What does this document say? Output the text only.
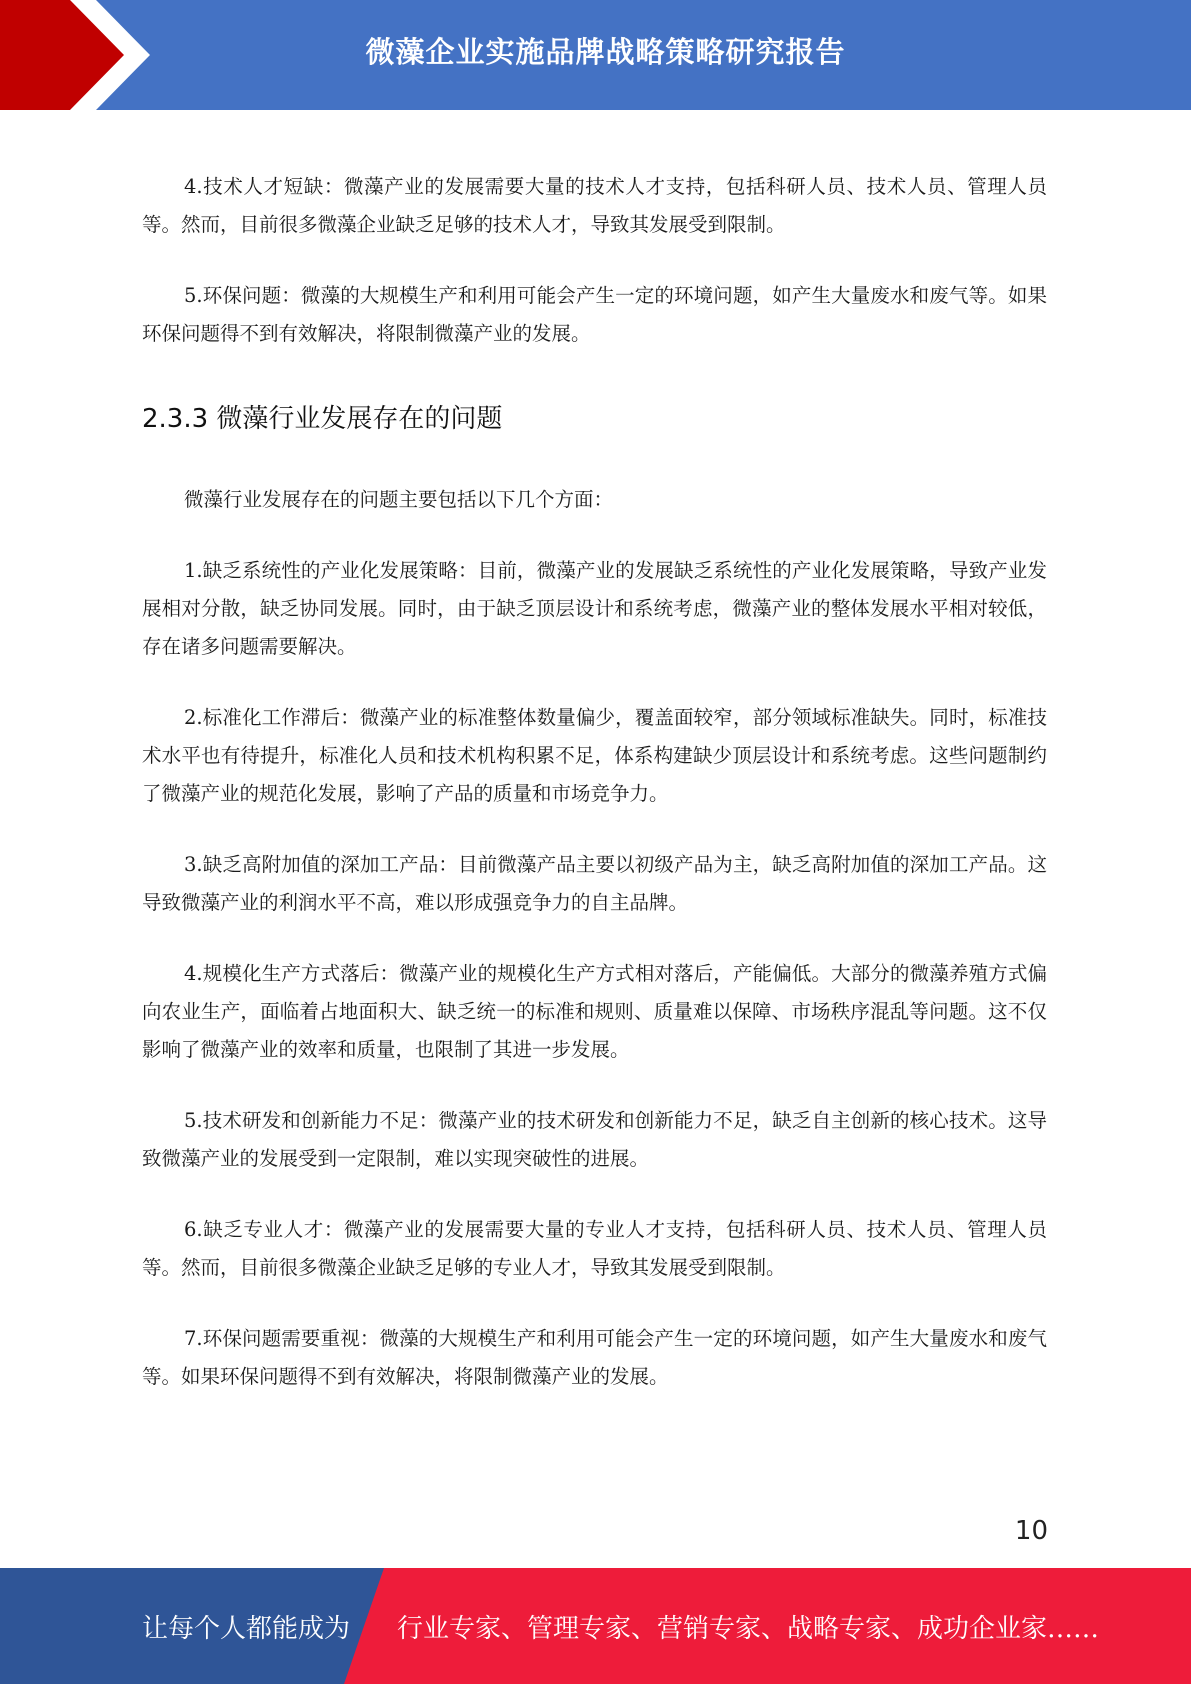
微藻企业实施品牌战略策略研究报告

4.技术人才短缺：微藻产业的发展需要大量的技术人才支持，包括科研人员、技术人员、管理人员等。然而，目前很多微藻企业缺乏足够的技术人才，导致其发展受到限制。

5.环保问题：微藻的大规模生产和利用可能会产生一定的环境问题，如产生大量废水和废气等。如果环保问题得不到有效解决，将限制微藻产业的发展。

2.3.3 微藻行业发展存在的问题

微藻行业发展存在的问题主要包括以下几个方面：

1.缺乏系统性的产业化发展策略：目前，微藻产业的发展缺乏系统性的产业化发展策略，导致产业发展相对分散，缺乏协同发展。同时，由于缺乏顶层设计和系统考虑，微藻产业的整体发展水平相对较低，存在诸多问题需要解决。

2.标准化工作滞后：微藻产业的标准整体数量偏少，覆盖面较窄，部分领域标准缺失。同时，标准技术水平也有待提升，标准化人员和技术机构积累不足，体系构建缺少顶层设计和系统考虑。这些问题制约了微藻产业的规范化发展，影响了产品的质量和市场竞争力。

3.缺乏高附加值的深加工产品：目前微藻产品主要以初级产品为主，缺乏高附加值的深加工产品。这导致微藻产业的利润水平不高，难以形成强竞争力的自主品牌。

4.规模化生产方式落后：微藻产业的规模化生产方式相对落后，产能偏低。大部分的微藻养殖方式偏向农业生产，面临着占地面积大、缺乏统一的标准和规则、质量难以保障、市场秩序混乱等问题。这不仅影响了微藻产业的效率和质量，也限制了其进一步发展。

5.技术研发和创新能力不足：微藻产业的技术研发和创新能力不足，缺乏自主创新的核心技术。这导致微藻产业的发展受到一定限制，难以实现突破性的进展。

6.缺乏专业人才：微藻产业的发展需要大量的专业人才支持，包括科研人员、技术人员、管理人员等。然而，目前很多微藻企业缺乏足够的专业人才，导致其发展受到限制。

7.环保问题需要重视：微藻的大规模生产和利用可能会产生一定的环境问题，如产生大量废水和废气等。如果环保问题得不到有效解决，将限制微藻产业的发展。

10
让每个人都能成为 行业专家、管理专家、营销专家、战略专家、成功企业家……
